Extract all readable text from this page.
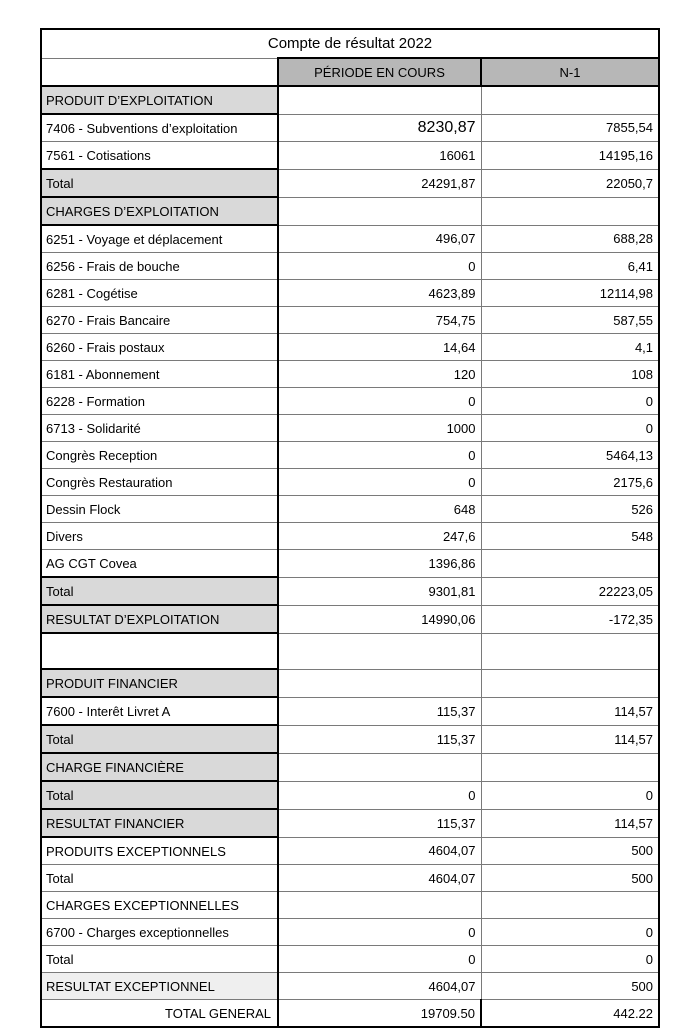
Compte de résultat 2022		
	PÉRIODE EN COURS	N-1
PRODUIT D’EXPLOITATION		
7406 - Subventions d’exploitation	8230,87	7855,54
7561 - Cotisations	16061	14195,16
Total	24291,87	22050,7
CHARGES D’EXPLOITATION		
6251 - Voyage et déplacement	496,07	688,28
6256 - Frais de bouche	0	6,41
6281 - Cogétise	4623,89	12114,98
6270 - Frais Bancaire	754,75	587,55
6260 - Frais postaux	14,64	4,1
6181 - Abonnement	120	108
6228 - Formation	0	0
6713 - Solidarité	1000	0
Congrès Reception	0	5464,13
Congrès Restauration	0	2175,6
Dessin Flock	648	526
Divers	247,6	548
AG CGT Covea	1396,86	
Total	9301,81	22223,05
RESULTAT D’EXPLOITATION	14990,06	-172,35

PRODUIT FINANCIER		
7600 - Interêt Livret A	115,37	114,57
Total	115,37	114,57
CHARGE FINANCIÈRE		
Total	0	0
RESULTAT FINANCIER	115,37	114,57
PRODUITS EXCEPTIONNELS	4604,07	500
Total	4604,07	500
CHARGES EXCEPTIONNELLES		
6700 - Charges exceptionnelles	0	0
Total	0	0
RESULTAT EXCEPTIONNEL	4604,07	500
TOTAL GENERAL	19709.50	442.22
